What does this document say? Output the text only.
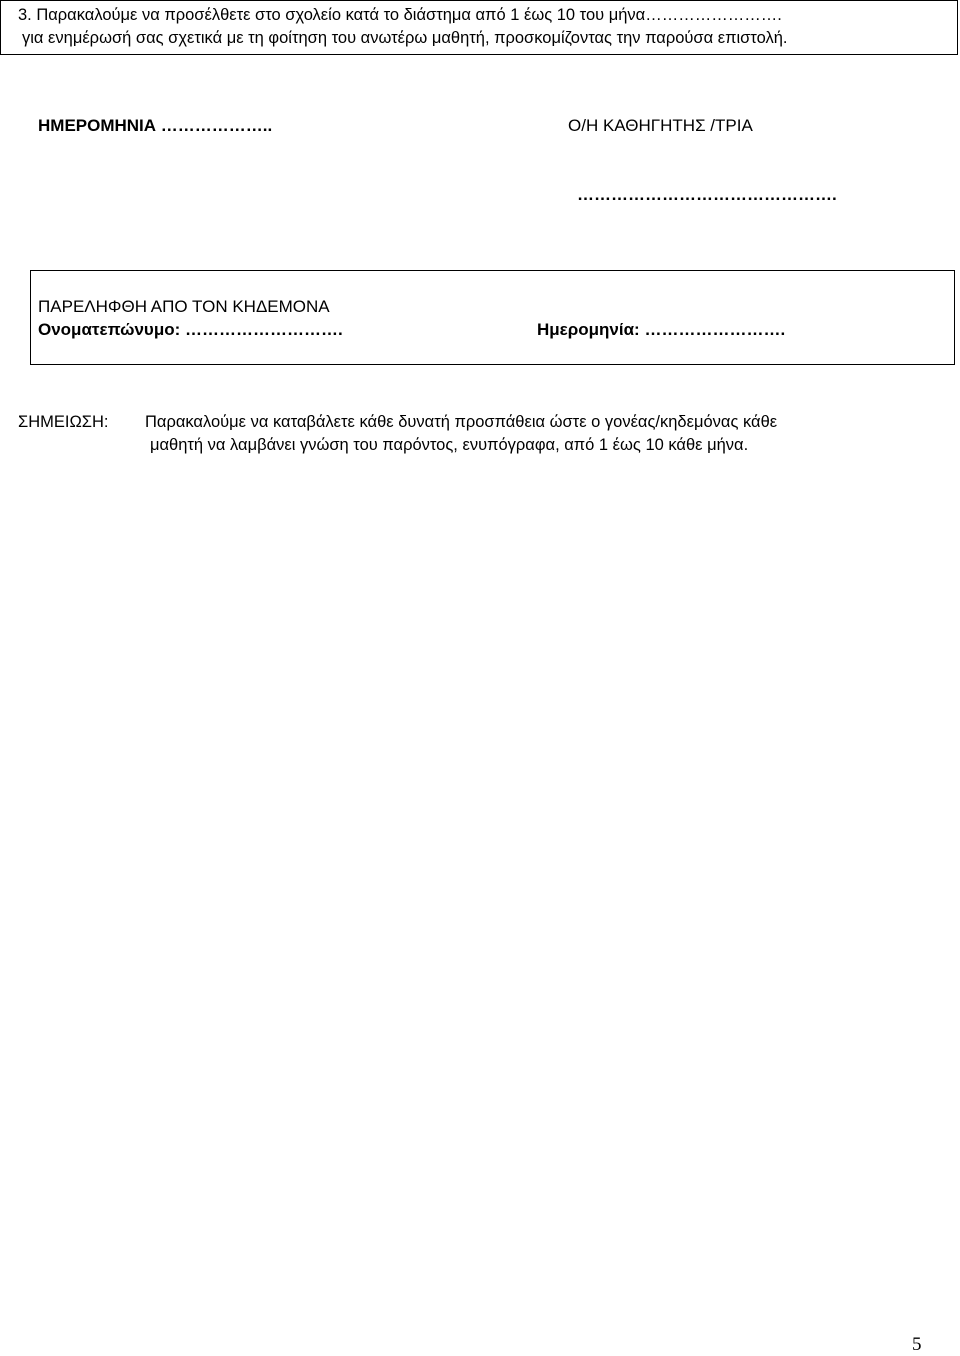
3. Παρακαλούμε να προσέλθετε στο σχολείο κατά το διάστημα από 1 έως 10 του μήνα…………………….
για ενημέρωσή σας σχετικά με τη φοίτηση του ανωτέρω μαθητή, προσκομίζοντας την παρούσα επιστολή.
ΗΜΕΡΟΜΗΝΙΑ ………………..	Ο/Η ΚΑΘΗΓΗΤΗΣ /ΤΡΙΑ
……………………………………….
ΠΑΡΕΛΗΦΘΗ ΑΠΟ ΤΟΝ ΚΗΔΕΜΟΝΑ
Ονοματεπώνυμο: ……………………….	Ημερομηνία: …………………….
ΣΗΜΕΙΩΣΗ: Παρακαλούμε να καταβάλετε κάθε δυνατή προσπάθεια ώστε ο γονέας/κηδεμόνας κάθε
μαθητή να λαμβάνει γνώση του παρόντος, ενυπόγραφα, από 1 έως 10 κάθε μήνα.
5
